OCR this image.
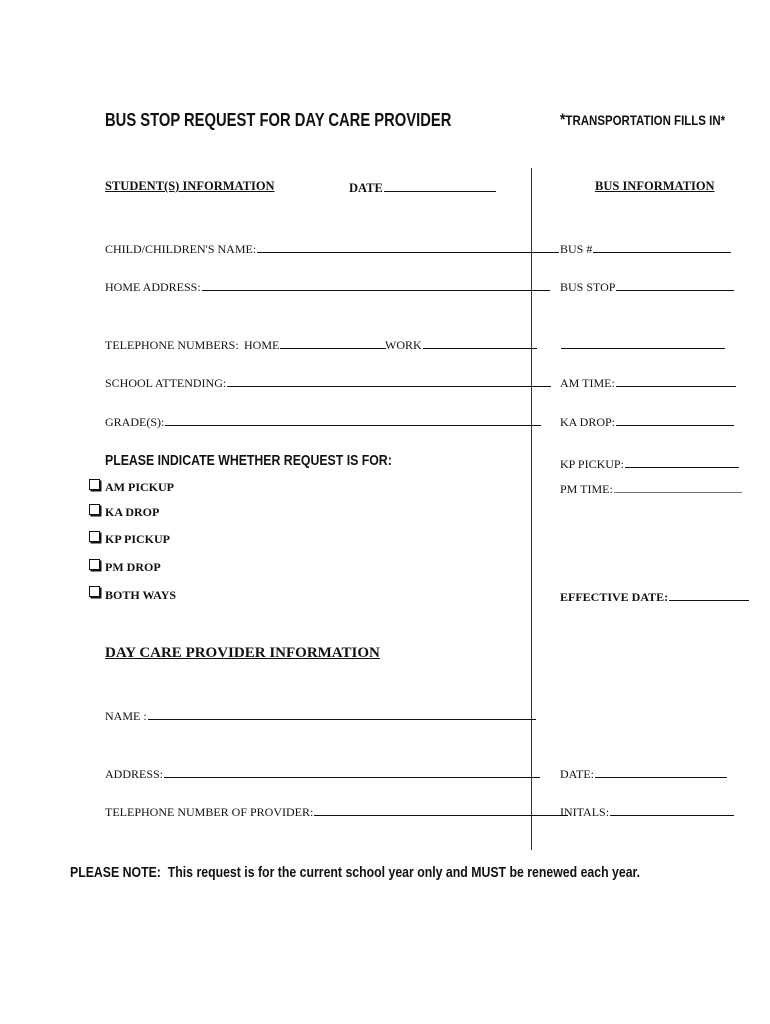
BUS STOP REQUEST FOR DAY CARE PROVIDER	*TRANSPORTATION FILLS IN*
STUDENT(S) INFORMATION	DATE
CHILD/CHILDREN'S NAME:
HOME ADDRESS:
TELEPHONE NUMBERS: HOME	WORK
SCHOOL ATTENDING:
GRADE(S):
PLEASE INDICATE WHETHER REQUEST IS FOR:
AM PICKUP
KA DROP
KP PICKUP
PM DROP
BOTH WAYS
BUS INFORMATION
BUS #
BUS STOP
AM TIME:
KA DROP:
KP PICKUP:
PM TIME:
EFFECTIVE DATE:
DAY CARE PROVIDER INFORMATION
NAME :
ADDRESS:
TELEPHONE NUMBER OF PROVIDER:
DATE:
INITALS:
PLEASE NOTE:  This request is for the current school year only and MUST be renewed each year.
